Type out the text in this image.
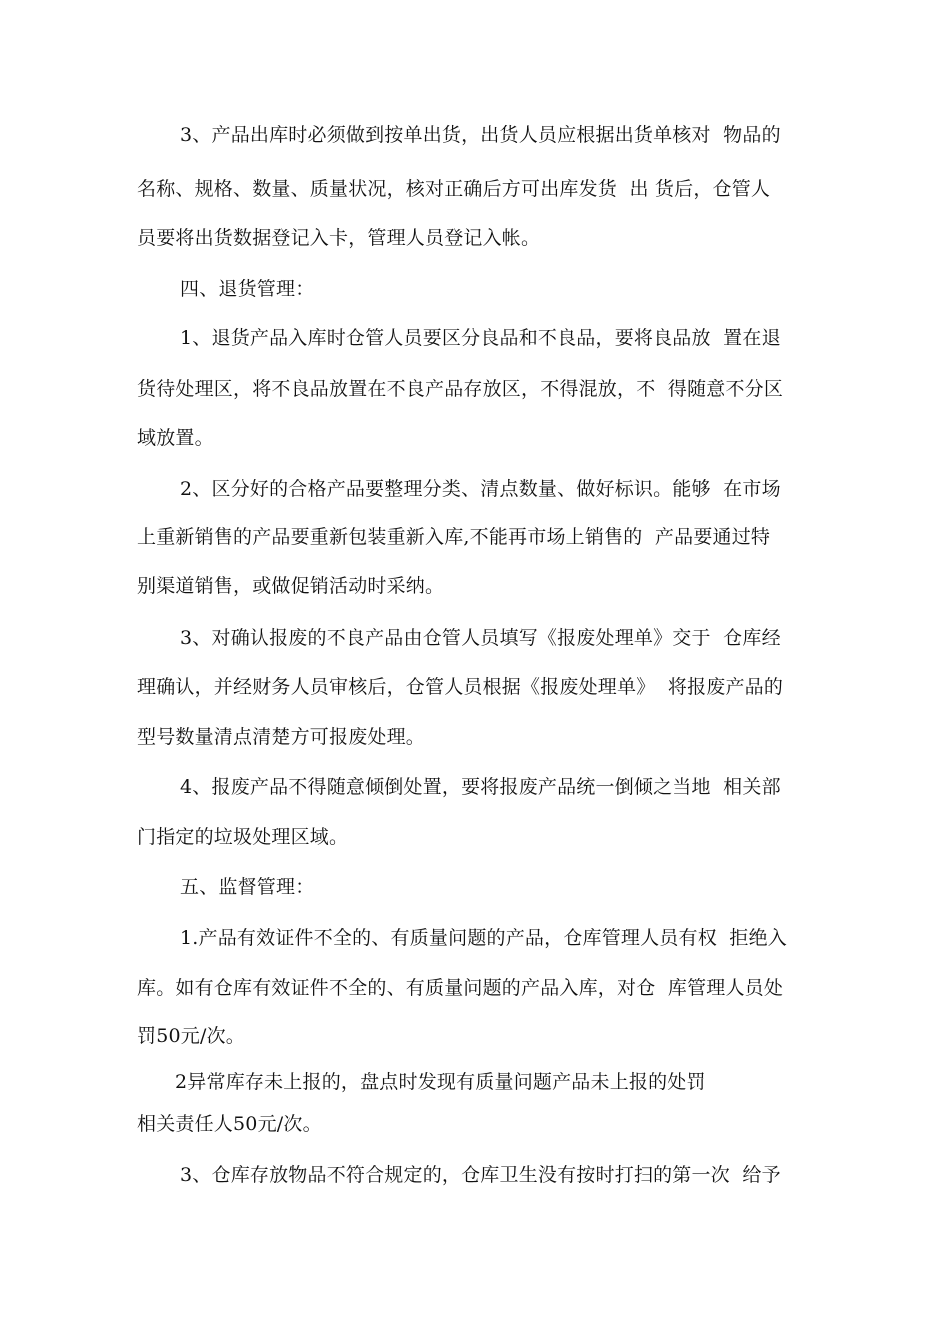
3、产品出库时必须做到按单出货，出货人员应根据出货单核对  物品的
名称、规格、数量、质量状况，核对正确后方可出库发货  出 货后，仓管人
员要将出货数据登记入卡，管理人员登记入帐。
四、退货管理：
1、退货产品入库时仓管人员要区分良品和不良品，要将良品放  置在退
货待处理区，将不良品放置在不良产品存放区，不得混放，不  得随意不分区
域放置。
2、区分好的合格产品要整理分类、清点数量、做好标识。能够  在市场
上重新销售的产品要重新包装重新入库,不能再市场上销售的  产品要通过特
别渠道销售，或做促销活动时采纳。
3、对确认报废的不良产品由仓管人员填写《报废处理单》交于  仓库经
理确认，并经财务人员审核后，仓管人员根据《报废处理单》  将报废产品的
型号数量清点清楚方可报废处理。
4、报废产品不得随意倾倒处置，要将报废产品统一倒倾之当地  相关部
门指定的垃圾处理区域。
五、监督管理：
1.产品有效证件不全的、有质量问题的产品，仓库管理人员有权  拒绝入
库。如有仓库有效证件不全的、有质量问题的产品入库，对仓  库管理人员处
罚50元/次。
2异常库存未上报的，盘点时发现有质量问题产品未上报的处罚
相关责任人50元/次。
3、仓库存放物品不符合规定的，仓库卫生没有按时打扫的第一次  给予
